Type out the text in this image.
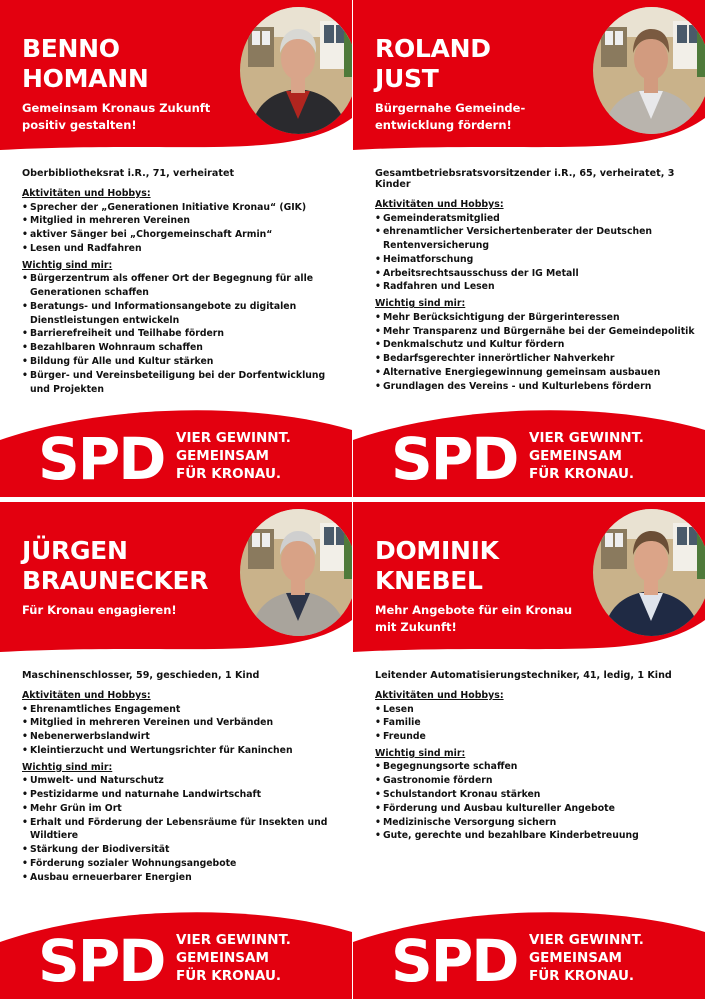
BENNO
HOMANN
Gemeinsam Kronaus Zukunft positiv gestalten!

Oberbibliotheksrat i.R., 71, verheiratet

Aktivitäten und Hobbys:

• Sprecher der „Generationen Initiative Kronau“ (GIK)
• Mitglied in mehreren Vereinen
• aktiver Sänger bei „Chorgemeinschaft Armin“
• Lesen und Radfahren

Wichtig sind mir:

• Bürgerzentrum als offener Ort der Begegnung für alle Generationen schaffen
• Beratungs- und Informationsangebote zu digitalen Dienstleistungen entwickeln
• Barrierefreiheit und Teilhabe fördern
• Bezahlbaren Wohnraum schaffen
• Bildung für Alle und Kultur stärken
• Bürger- und Vereinsbeteiligung bei der Dorfentwicklung und Projekten
SPD VIER GEWINNT.
GEMEINSAM
FÜR KRONAU.
ROLAND
JUST
Bürgernahe Gemeinde-entwicklung fördern!

Gesamtbetriebsratsvorsitzender i.R., 65, verheiratet, 3 Kinder

Aktivitäten und Hobbys:

• Gemeinderatsmitglied
• ehrenamtlicher Versichertenberater der Deutschen Rentenversicherung
• Heimatforschung
• Arbeitsrechtsausschuss der IG Metall
• Radfahren und Lesen

Wichtig sind mir:

• Mehr Berücksichtigung der Bürgerinteressen
• Mehr Transparenz und Bürgernähe bei der Gemeindepolitik
• Denkmalschutz und Kultur fördern
• Bedarfsgerechter innerörtlicher Nahverkehr
• Alternative Energiegewinnung gemeinsam ausbauen
• Grundlagen des Vereins - und Kulturlebens fördern
SPD VIER GEWINNT.
GEMEINSAM
FÜR KRONAU.
JÜRGEN
BRAUNECKER
Für Kronau engagieren!

Maschinenschlosser, 59, geschieden, 1 Kind

Aktivitäten und Hobbys:

• Ehrenamtliches Engagement
• Mitglied in mehreren Vereinen und Verbänden
• Nebenerwerbslandwirt
• Kleintierzucht und Wertungsrichter für Kaninchen

Wichtig sind mir:

• Umwelt- und Naturschutz
• Pestizidarme und naturnahe Landwirtschaft
• Mehr Grün im Ort
• Erhalt und Förderung der Lebensräume für Insekten und Wildtiere
• Stärkung der Biodiversität
• Förderung sozialer Wohnungsangebote
• Ausbau erneuerbarer Energien
SPD VIER GEWINNT.
GEMEINSAM
FÜR KRONAU.
DOMINIK
KNEBEL
Mehr Angebote für ein Kronau mit Zukunft!

Leitender Automatisierungstechniker, 41, ledig, 1 Kind

Aktivitäten und Hobbys:

• Lesen
• Familie
• Freunde

Wichtig sind mir:

• Begegnungsorte schaffen
• Gastronomie fördern
• Schulstandort Kronau stärken
• Förderung und Ausbau kultureller Angebote
• Medizinische Versorgung sichern
• Gute, gerechte und bezahlbare Kinderbetreuung
SPD VIER GEWINNT.
GEMEINSAM
FÜR KRONAU.
